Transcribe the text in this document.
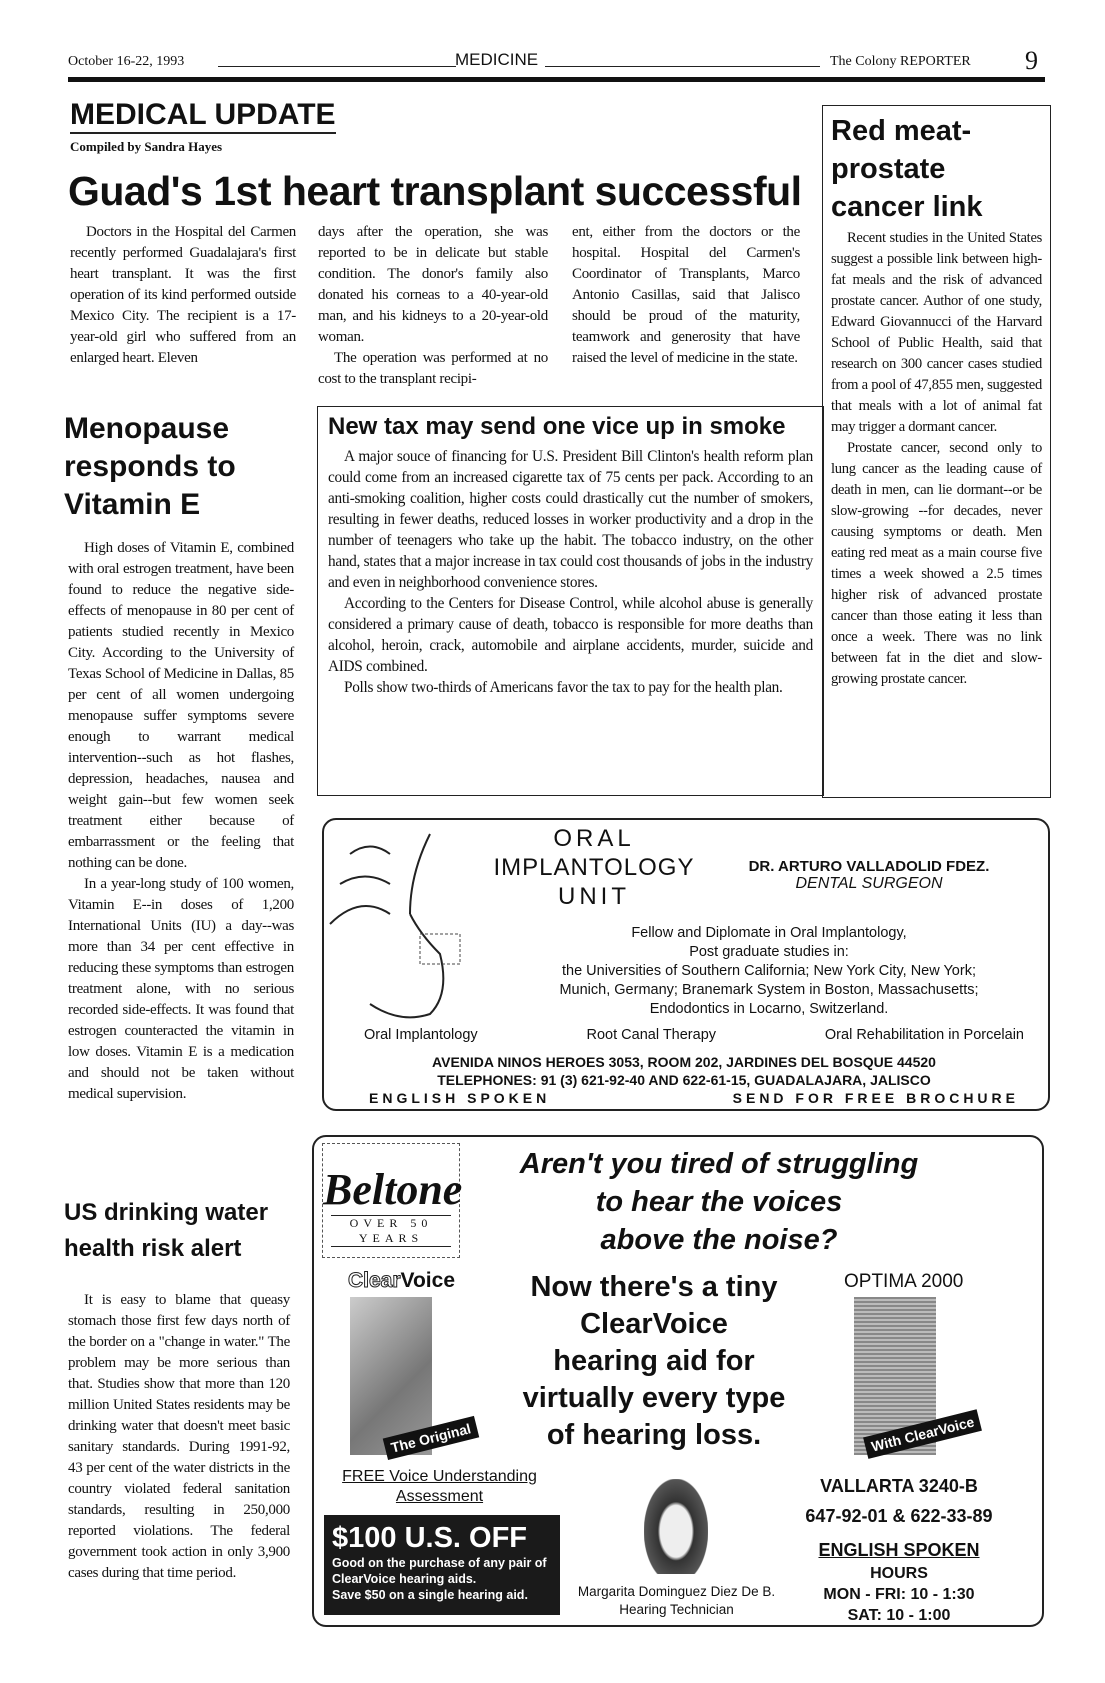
October 16-22, 1993	MEDICINE	The Colony REPORTER 9
MEDICAL UPDATE
Compiled by Sandra Hayes
Guad's 1st heart transplant successful

Doctors in the Hospital del Carmen recently performed Guadalajara's first heart transplant. It was the first operation of its kind performed outside Mexico City. The recipient is a 17-year-old girl who suffered from an enlarged heart. Eleven

days after the operation, she was reported to be in delicate but stable condition. The donor's family also donated his corneas to a 40-year-old man, and his kidneys to a 20-year-old woman.

The operation was performed at no cost to the transplant recipi-

ent, either from the doctors or the hospital. Hospital del Carmen's Coordinator of Transplants, Marco Antonio Casillas, said that Jalisco should be proud of the maturity, teamwork and generosity that have raised the level of medicine in the state.

Red meat-prostate cancer link

Recent studies in the United States suggest a possible link between high-fat meals and the risk of advanced prostate cancer. Author of one study, Edward Giovannucci of the Harvard School of Public Health, said that research on 300 cancer cases studied from a pool of 47,855 men, suggested that meals with a lot of animal fat may trigger a dormant cancer.

Prostate cancer, second only to lung cancer as the leading cause of death in men, can lie dormant--or be slow-growing --for decades, never causing symptoms or death. Men eating red meat as a main course five times a week showed a 2.5 times higher risk of advanced prostate cancer than those eating it less than once a week. There was no link between fat in the diet and slow-growing prostate cancer.

Menopause responds to Vitamin E

High doses of Vitamin E, combined with oral estrogen treatment, have been found to reduce the negative side-effects of menopause in 80 per cent of patients studied recently in Mexico City. According to the University of Texas School of Medicine in Dallas, 85 per cent of all women undergoing menopause suffer symptoms severe enough to warrant medical intervention--such as hot flashes, depression, headaches, nausea and weight gain--but few women seek treatment either because of embarrassment or the feeling that nothing can be done.

In a year-long study of 100 women, Vitamin E--in doses of 1,200 International Units (IU) a day--was more than 34 per cent effective in reducing these symptoms than estrogen treatment alone, with no serious recorded side-effects. It was found that estrogen counteracted the vitamin in low doses. Vitamin E is a medication and should not be taken without medical supervision.

New tax may send one vice up in smoke

A major souce of financing for U.S. President Bill Clinton's health reform plan could come from an increased cigarette tax of 75 cents per pack. According to an anti-smoking coalition, higher costs could drastically cut the number of smokers, resulting in fewer deaths, reduced losses in worker productivity and a drop in the number of teenagers who take up the habit. The tobacco industry, on the other hand, states that a major increase in tax could cost thousands of jobs in the industry and even in neighborhood convenience stores.

According to the Centers for Disease Control, while alcohol abuse is generally considered a primary cause of death, tobacco is responsible for more deaths than alcohol, heroin, crack, automobile and airplane accidents, murder, suicide and AIDS combined.

Polls show two-thirds of Americans favor the tax to pay for the health plan.

ORAL
IMPLANTOLOGY
UNIT
DR. ARTURO VALLADOLID FDEZ.
DENTAL SURGEON
Fellow and Diplomate in Oral Implantology,
Post graduate studies in:
the Universities of Southern California; New York City, New York;
Munich, Germany; Branemark System in Boston, Massachusetts;
Endodontics in Locarno, Switzerland.
Oral Implantology	Root Canal Therapy	Oral Rehabilitation in Porcelain
AVENIDA NINOS HEROES 3053, ROOM 202, JARDINES DEL BOSQUE 44520
TELEPHONES: 91 (3) 621-92-40 AND 622-61-15, GUADALAJARA, JALISCO
ENGLISH SPOKEN	SEND FOR FREE BROCHURE
US drinking water health risk alert

It is easy to blame that queasy stomach those first few days north of the border on a "change in water." The problem may be more serious than that. Studies show that more than 120 million United States residents may be drinking water that doesn't meet basic sanitary standards. During 1991-92, 43 per cent of the water districts in the country violated federal sanitation standards, resulting in 250,000 reported violations. The federal government took action in only 3,900 cases during that time period.

Beltone
OVER 50 YEARS
Aren't you tired of struggling
to hear the voices
above the noise?
ClearVoice
The Original
Now there's a tiny
ClearVoice
hearing aid for
virtually every type
of hearing loss.
OPTIMA 2000
With ClearVoice
FREE Voice Understanding
Assessment
$100 U.S. OFF
Good on the purchase of any pair of
ClearVoice hearing aids.
Save $50 on a single hearing aid.	Margarita Dominguez Diez De B.
Hearing Technician
VALLARTA 3240-B
647-92-01 & 622-33-89
ENGLISH SPOKEN
HOURS
MON - FRI: 10 - 1:30
SAT: 10 - 1:00
